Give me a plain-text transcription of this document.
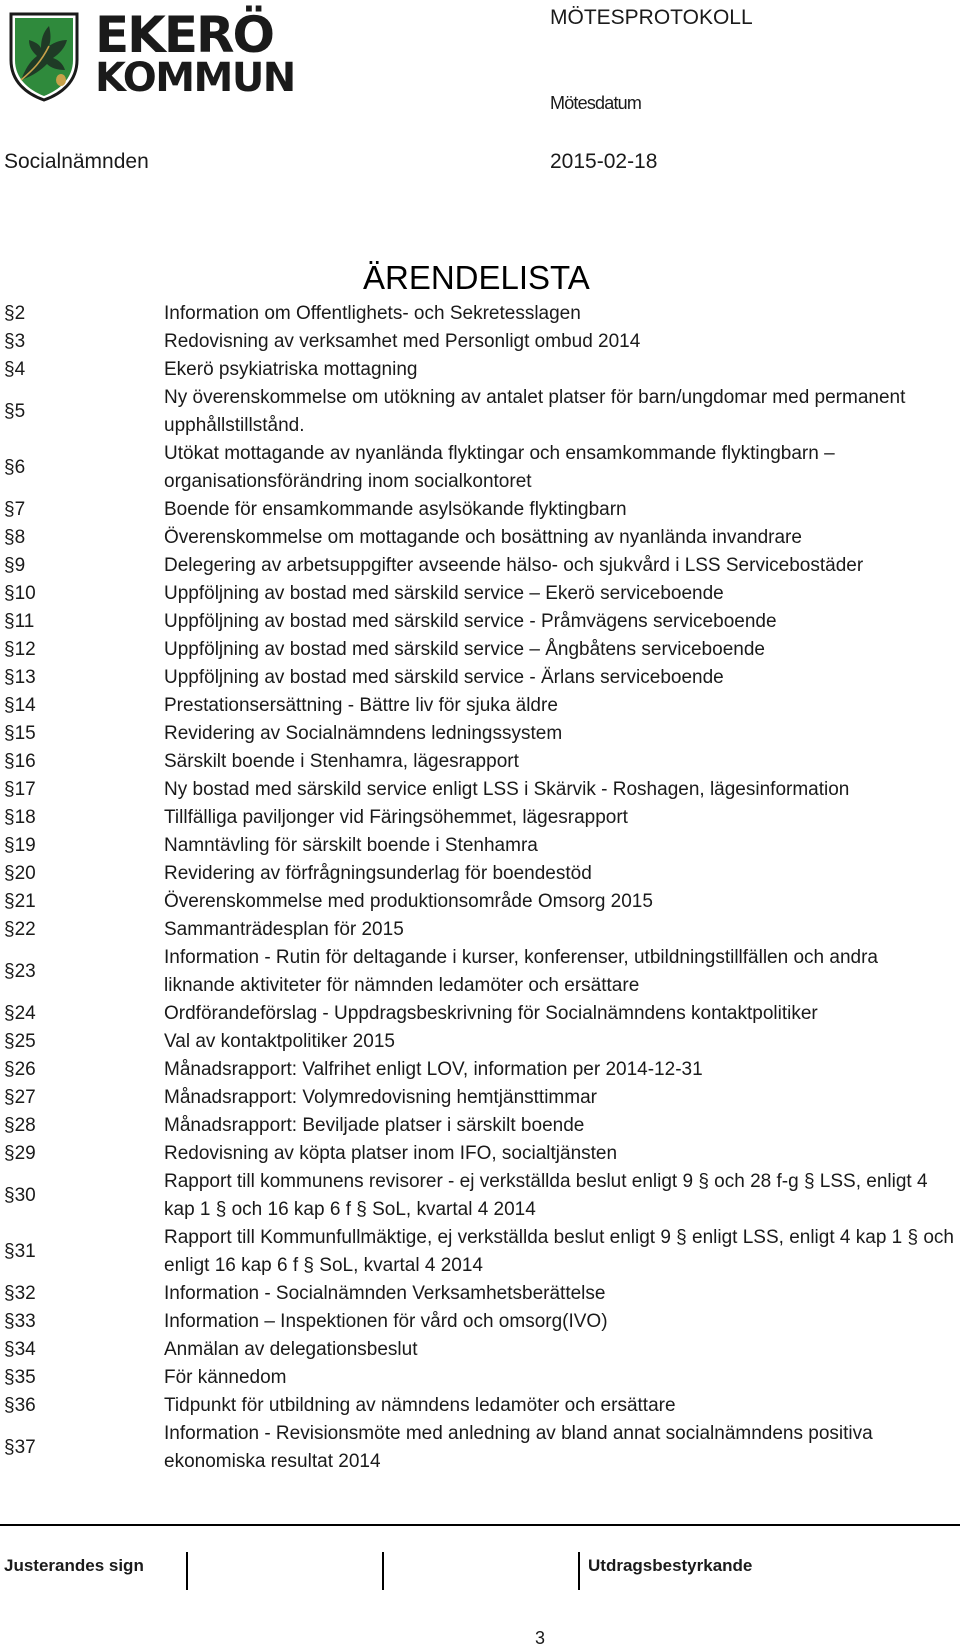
EKERÖ
KOMMUN
MÖTESPROTOKOLL
Mötesdatum
Socialnämnden	2015-02-18
ÄRENDELISTA
§2	Information om Offentlighets- och Sekretesslagen
§3	Redovisning av verksamhet med Personligt ombud 2014
§4	Ekerö psykiatriska mottagning
§5
Ny överenskommelse om utökning av antalet platser för barn/ungdomar med permanent upphållstillstånd.
§6
Utökat mottagande av nyanlända flyktingar och ensamkommande flyktingbarn – organisationsförändring inom socialkontoret
§7	Boende för ensamkommande asylsökande flyktingbarn
§8	Överenskommelse om mottagande och bosättning av nyanlända invandrare
§9	Delegering av arbetsuppgifter avseende hälso- och sjukvård i LSS Servicebostäder
§10	Uppföljning av bostad med särskild service – Ekerö serviceboende
§11	Uppföljning av bostad med särskild service - Pråmvägens serviceboende
§12	Uppföljning av bostad med särskild service – Ångbåtens serviceboende
§13	Uppföljning av bostad med särskild service - Ärlans serviceboende
§14	Prestationsersättning - Bättre liv för sjuka äldre
§15	Revidering av Socialnämndens ledningssystem
§16	Särskilt boende i Stenhamra, lägesrapport
§17	Ny bostad med särskild service enligt LSS i Skärvik - Roshagen, lägesinformation
§18	Tillfälliga paviljonger vid Färingsöhemmet, lägesrapport
§19	Namntävling för särskilt boende i Stenhamra
§20	Revidering av förfrågningsunderlag för boendestöd
§21	Överenskommelse med produktionsområde Omsorg 2015
§22	Sammanträdesplan för 2015
§23
Information - Rutin för deltagande i kurser, konferenser, utbildningstillfällen och andra liknande aktiviteter för nämnden ledamöter och ersättare
§24	Ordförandeförslag - Uppdragsbeskrivning för Socialnämndens kontaktpolitiker
§25	Val av kontaktpolitiker 2015
§26	Månadsrapport: Valfrihet enligt LOV, information per 2014-12-31
§27	Månadsrapport: Volymredovisning hemtjänsttimmar
§28	Månadsrapport: Beviljade platser i särskilt boende
§29	Redovisning av köpta platser inom IFO, socialtjänsten
§30
Rapport till kommunens revisorer - ej verkställda beslut enligt 9 § och 28 f-g § LSS, enligt 4 kap 1 § och 16 kap 6 f § SoL, kvartal 4 2014
§31
Rapport till Kommunfullmäktige, ej verkställda beslut enligt 9 § enligt LSS, enligt 4 kap 1 § och enligt 16 kap 6 f § SoL, kvartal 4 2014
§32	Information - Socialnämnden Verksamhetsberättelse
§33	Information – Inspektionen för vård och omsorg(IVO)
§34	Anmälan av delegationsbeslut
§35	För kännedom
§36	Tidpunkt för utbildning av nämndens ledamöter och ersättare
§37
Information - Revisionsmöte med anledning av bland annat socialnämndens positiva ekonomiska resultat 2014
Justerandes sign	Utdragsbestyrkande
3
